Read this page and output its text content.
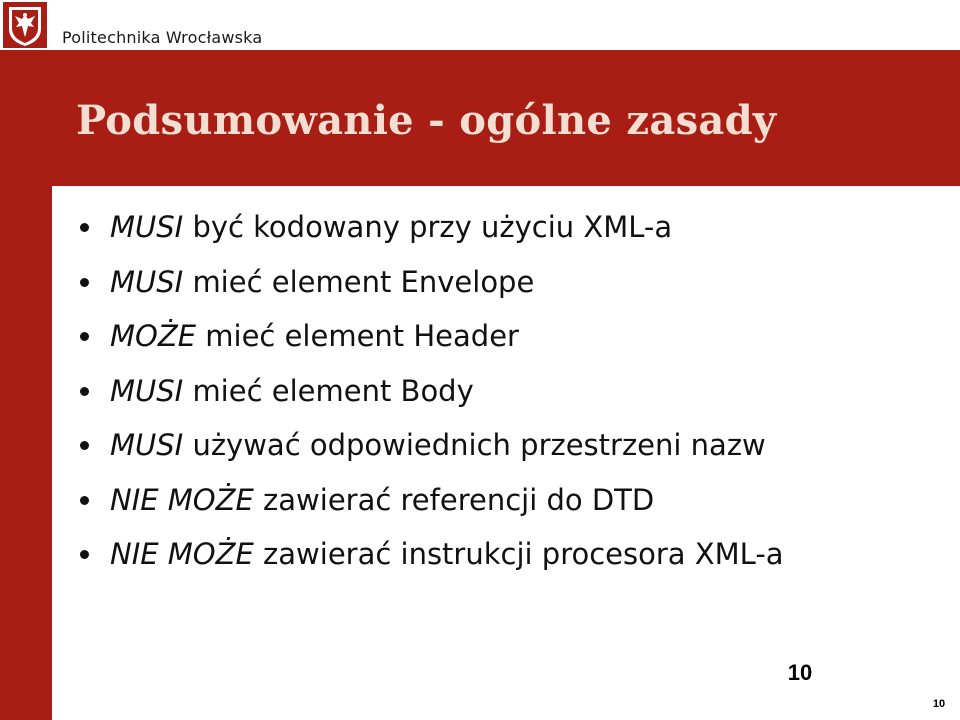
Politechnika Wrocławska
Podsumowanie - ogólne zasady
MUSI być kodowany przy użyciu XML-a
MUSI mieć element Envelope
MOŻE mieć element Header
MUSI mieć element Body
MUSI używać odpowiednich przestrzeni nazw
NIE MOŻE zawierać referencji do DTD
NIE MOŻE zawierać instrukcji procesora XML-a
10
10
